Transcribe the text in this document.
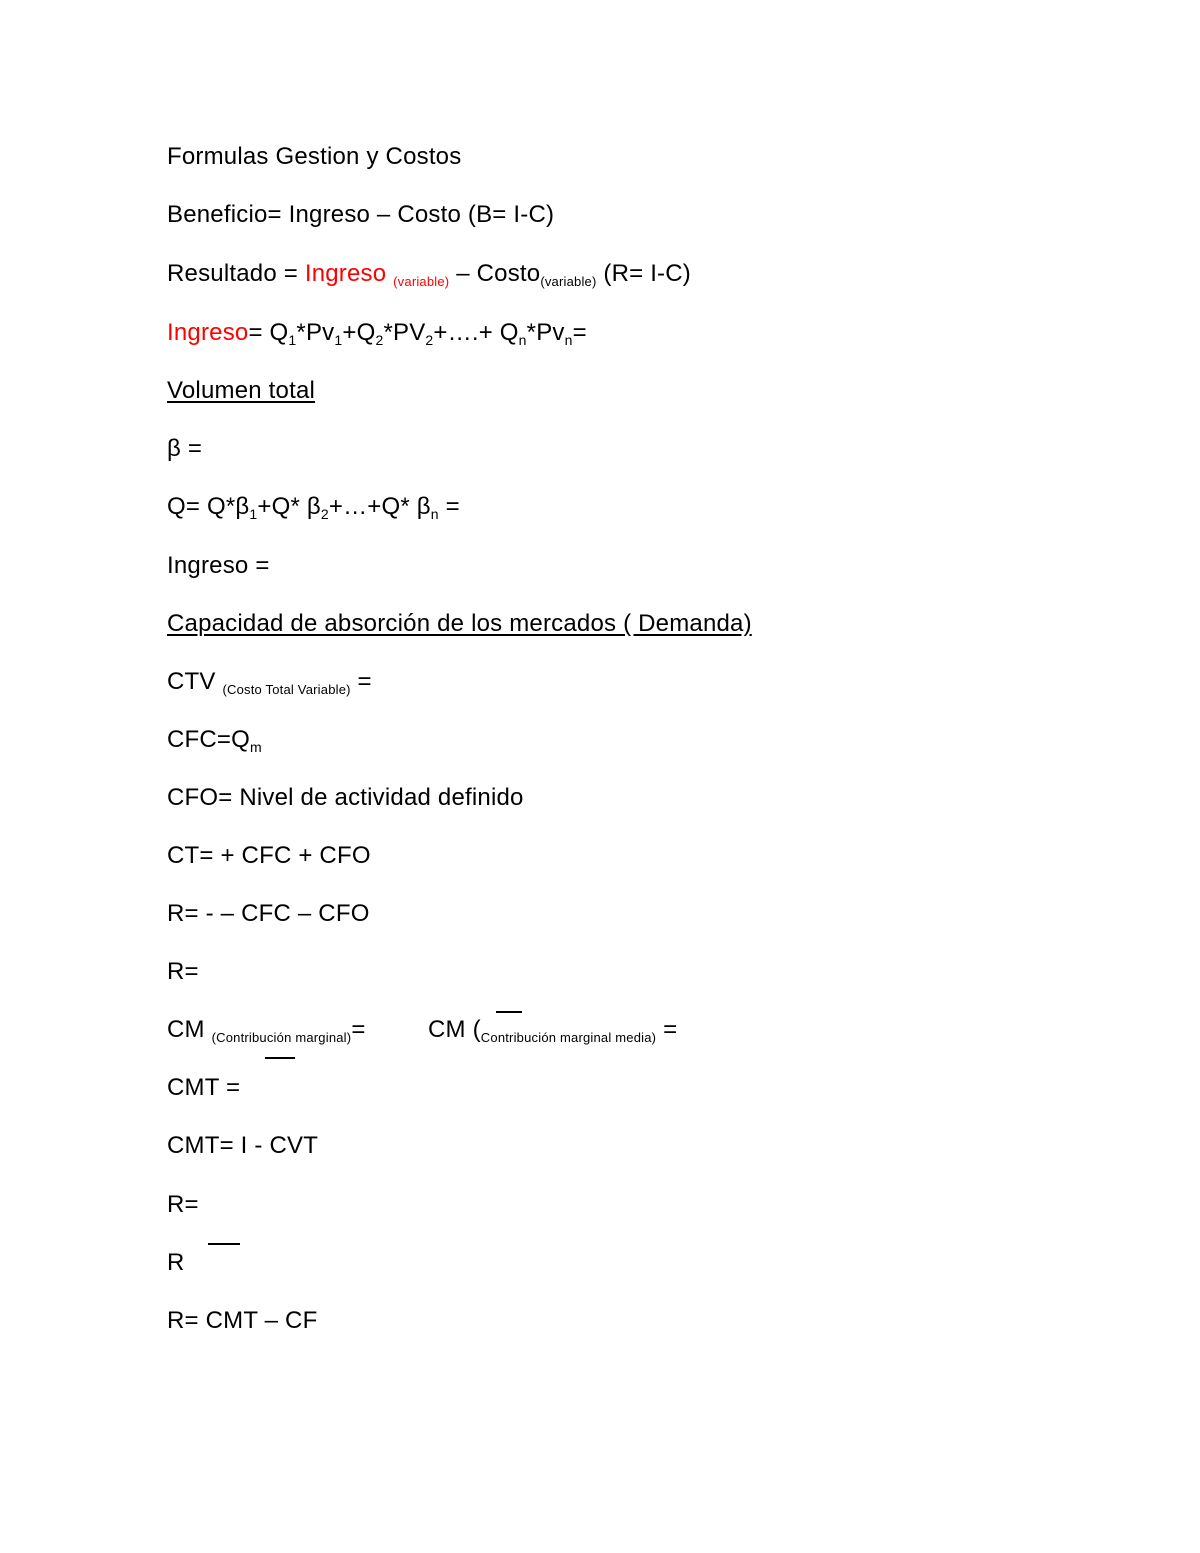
Formulas Gestion y Costos
Beneficio= Ingreso – Costo (B= I-C)
Resultado = Ingreso $_{(variable)}$ – Costo$_{(variable)}$ (R= I-C)
Ingreso= $Q_1*Pv_1+Q_2*PV_2+\dots.+ Q_n*Pv_n=$
Volumen total
β =
$Q= Q*\beta_1+Q*$ $\beta_2+\dots+Q*$ $\beta_n$ =
Ingreso =
Capacidad de absorción de los mercados ( Demanda)
CTV $_{(Costo Total Variable)}$ =
$CFC=Q_m$
CFO= Nivel de actividad definido
CT= + CFC + CFO
R= - – CFC – CFO
R=
CM $_{(Contribución marginal)}$=	CM ($_{Contribución marginal media)}$ =
CMT =
CMT= I - CVT
R=
R
R= CMT – CF
